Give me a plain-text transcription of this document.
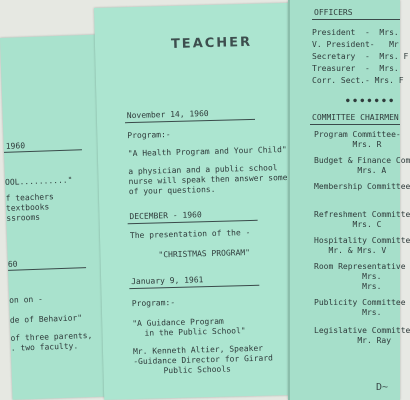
1960
OOL.........."
f teachers
textbooks
ssrooms
60
on on -
de of Behavior"
of three parents,
. two faculty.
TEACHER
November 14, 1960
Program:-
"A Health Program and Your Child"
a physician and a public school
nurse will speak then answer some
of your questions.
DECEMBER - 1960
The presentation of the -
"CHRISTMAS PROGRAM"
January 9, 1961
Program:-
"A Guidance Program
in the Public School"
Mr. Kenneth Altier, Speaker
-Guidance Director for Girard
Public Schools
OFFICERS
President  -  Mrs.
V. President-   Mr
Secretary  -  Mrs. F
Treasurer  -  Mrs.
Corr. Sect.- Mrs. F
● ● ● ● ● ● ●
COMMITTEE CHAIRMEN
Program Committee-
Mrs. R
Budget & Finance Com
Mrs. A
Membership Committee
Refreshment Committe
Mrs. C
Hospitality Committe
Mr. & Mrs. V
Room Representative
Mrs.
Mrs.
Publicity Committee
Mrs.
Legislative Committe
Mr. Ray
D~
